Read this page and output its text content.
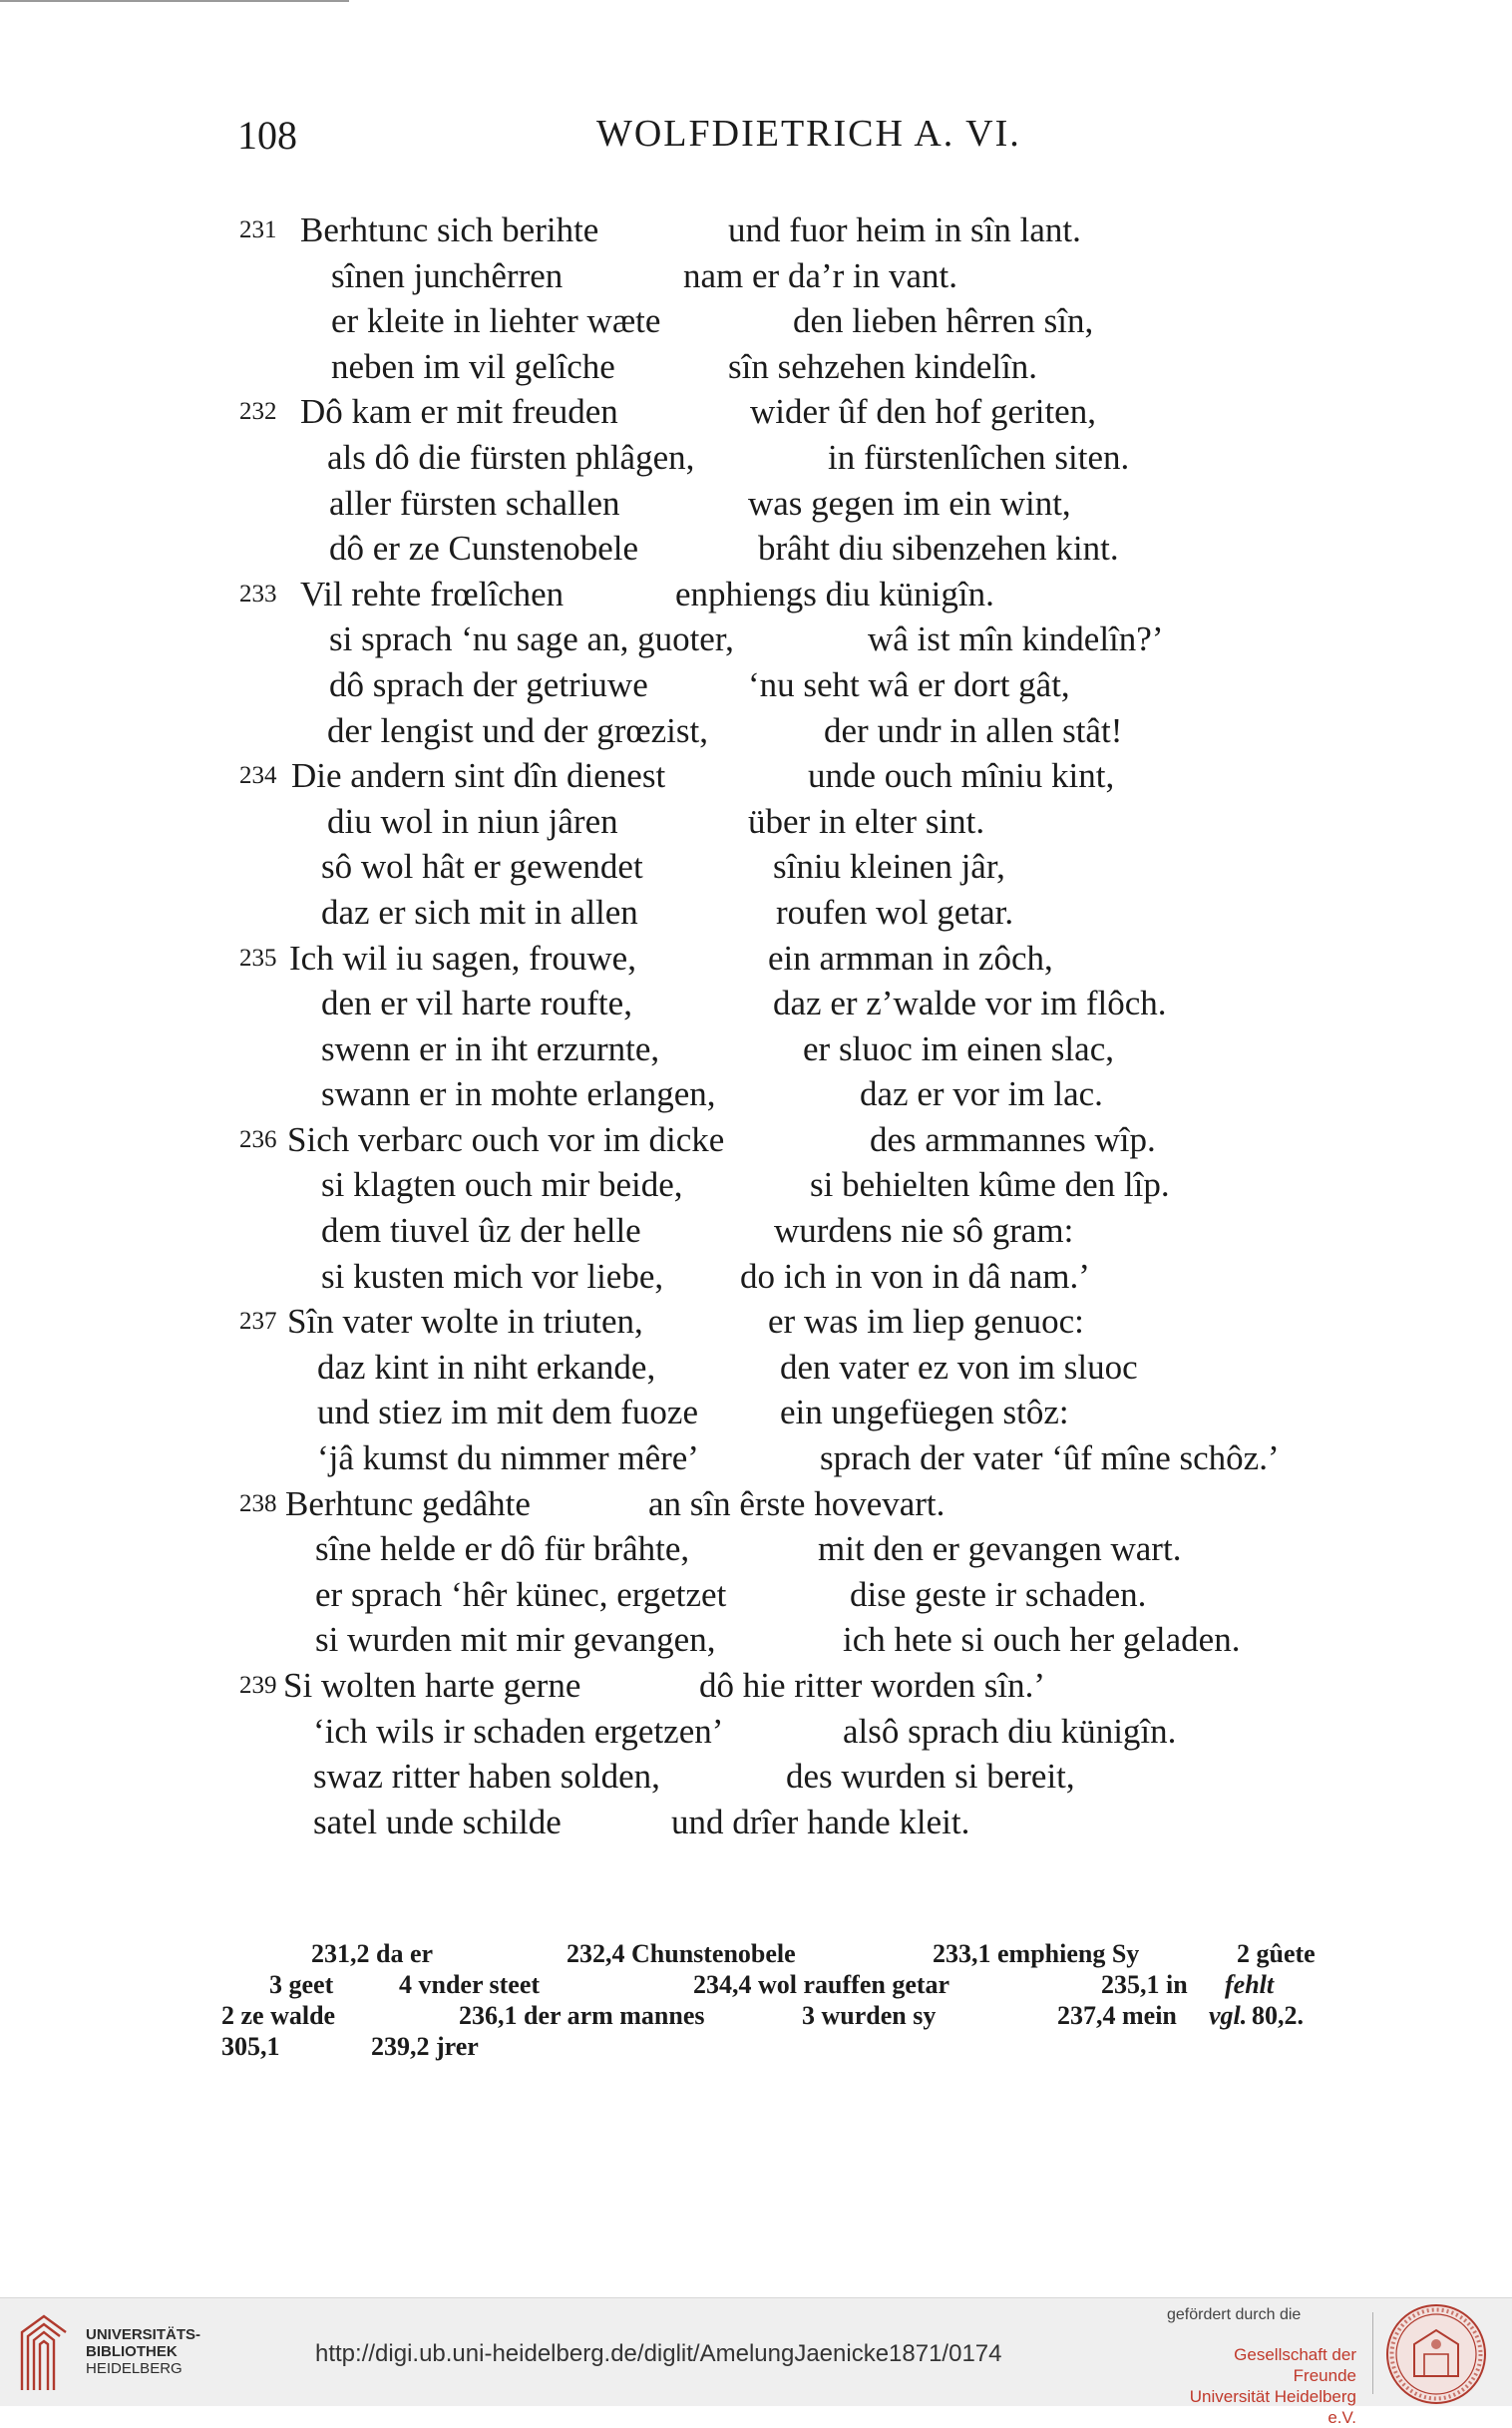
108	WOLFDIETRICH A. VI.
231 Berhtunc sich berihte	und fuor heim in sîn lant.
sînen junchêrren	nam er da’r in vant.
er kleite in liehter wæte	den lieben hêrren sîn,
neben im vil gelîche	sîn sehzehen kindelîn.
232 Dô kam er mit freuden	wider ûf den hof geriten,
als dô die fürsten phlâgen,	in fürstenlîchen siten.
aller fürsten schallen	was gegen im ein wint,
dô er ze Cunstenobele	brâht diu sibenzehen kint.
233 Vil rehte frœlîchen	enphiengs diu künigîn.
si sprach ‘nu sage an, guoter,	wâ ist mîn kindelîn?’
dô sprach der getriuwe	‘nu seht wâ er dort gât,
der lengist und der grœzist,	der undr in allen stât!
234 Die andern sint dîn dienest	unde ouch mîniu kint,
diu wol in niun jâren	über in elter sint.
sô wol hât er gewendet	sîniu kleinen jâr,
daz er sich mit in allen	roufen wol getar.
235 Ich wil iu sagen, frouwe,	ein armman in zôch,
den er vil harte roufte,	daz er z’walde vor im flôch.
swenn er in iht erzurnte,	er sluoc im einen slac,
swann er in mohte erlangen,	daz er vor im lac.
236 Sich verbarc ouch vor im dicke	des armmannes wîp.
si klagten ouch mir beide,	si behielten kûme den lîp.
dem tiuvel ûz der helle	wurdens nie sô gram:
si kusten mich vor liebe, do ich in von in dâ nam.’
237 Sîn vater wolte in triuten,	er was im liep genuoc:
daz kint in niht erkande,	den vater ez von im sluoc
und stiez im mit dem fuoze ein ungefüegen stôz:
‘jâ kumst du nimmer mêre’	sprach der vater ‘ûf mîne schôz.’
238 Berhtunc gedâhte	an sîn êrste hovevart.
sîne helde er dô für brâhte,	mit den er gevangen wart.
er sprach ‘hêr künec, ergetzet	dise geste ir schaden.
si wurden mit mir gevangen,	ich hete si ouch her geladen.
239 Si wolten harte gerne	dô hie ritter worden sîn.’
‘ich wils ir schaden ergetzen’	alsô sprach diu künigîn.
swaz ritter haben solden,	des wurden si bereit,
satel unde schilde	und drîer hande kleit.
231,2 da er	232,4 Chunstenobele	233,1 emphieng Sy	2 gûete
3 geet	4 vnder steet	234,4 wol rauffen getar	235,1 in fehlt
2 ze walde	236,1 der arm mannes	3 wurden sy	237,4 mein vgl. 80,2.
305,1	239,2 jrer
UNIVERSITÄTS-
BIBLIOTHEK
HEIDELBERG
http://digi.ub.uni-heidelberg.de/diglit/AmelungJaenicke1871/0174
gefördert durch die
Gesellschaft der Freunde
Universität Heidelberg e.V.
